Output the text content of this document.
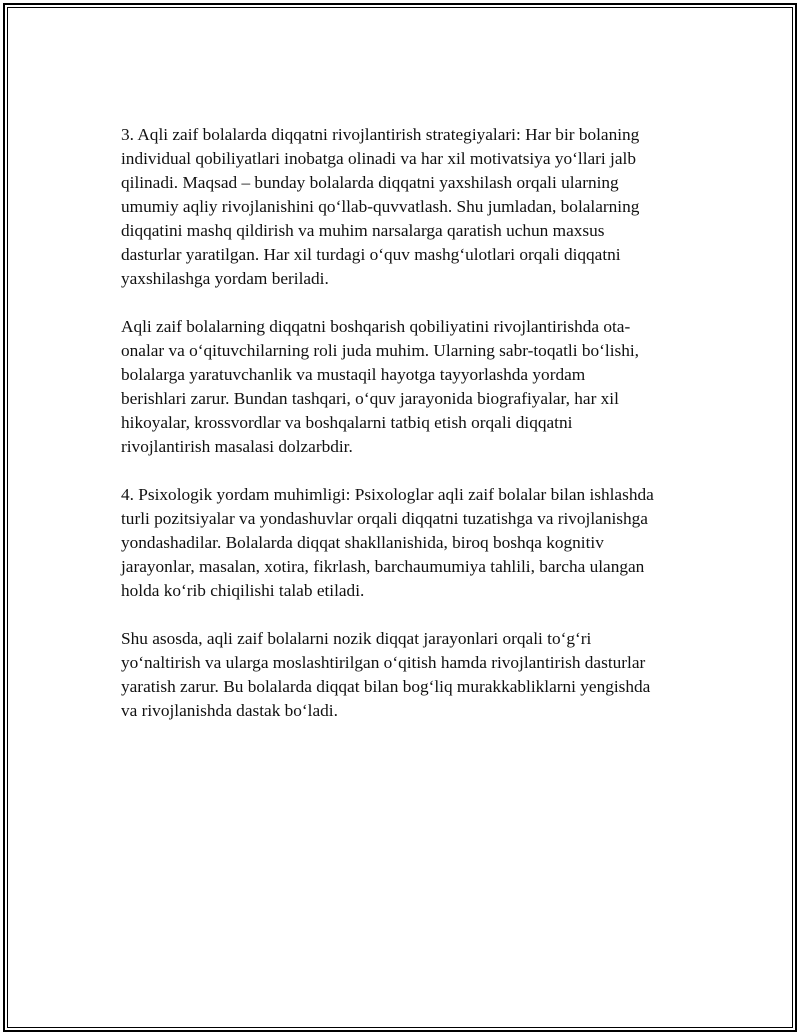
3. Aqli zaif bolalarda diqqatni rivojlantirish strategiyalari: Har bir bolaning
individual qobiliyatlari inobatga olinadi va har xil motivatsiya yo‘llari jalb
qilinadi. Maqsad – bunday bolalarda diqqatni yaxshilash orqali ularning
umumiy aqliy rivojlanishini qo‘llab-quvvatlash. Shu jumladan, bolalarning
diqqatini mashq qildirish va muhim narsalarga qaratish uchun maxsus
dasturlar yaratilgan. Har xil turdagi o‘quv mashg‘ulotlari orqali diqqatni
yaxshilashga yordam beriladi.

Aqli zaif bolalarning diqqatni boshqarish qobiliyatini rivojlantirishda ota-
onalar va o‘qituvchilarning roli juda muhim. Ularning sabr-toqatli bo‘lishi,
bolalarga yaratuvchanlik va mustaqil hayotga tayyorlashda yordam
berishlari zarur. Bundan tashqari, o‘quv jarayonida biografiyalar, har xil
hikoyalar, krossvordlar va boshqalarni tatbiq etish orqali diqqatni
rivojlantirish masalasi dolzarbdir.

4. Psixologik yordam muhimligi: Psixologlar aqli zaif bolalar bilan ishlashda
turli pozitsiyalar va yondashuvlar orqali diqqatni tuzatishga va rivojlanishga
yondashadilar. Bolalarda diqqat shakllanishida, biroq boshqa kognitiv
jarayonlar, masalan, xotira, fikrlash, barchaumumiya tahlili, barcha ulangan
holda ko‘rib chiqilishi talab etiladi.

Shu asosda, aqli zaif bolalarni nozik diqqat jarayonlari orqali to‘g‘ri
yo‘naltirish va ularga moslashtirilgan o‘qitish hamda rivojlantirish dasturlar
yaratish zarur. Bu bolalarda diqqat bilan bog‘liq murakkabliklarni yengishda
va rivojlanishda dastak bo‘ladi.
